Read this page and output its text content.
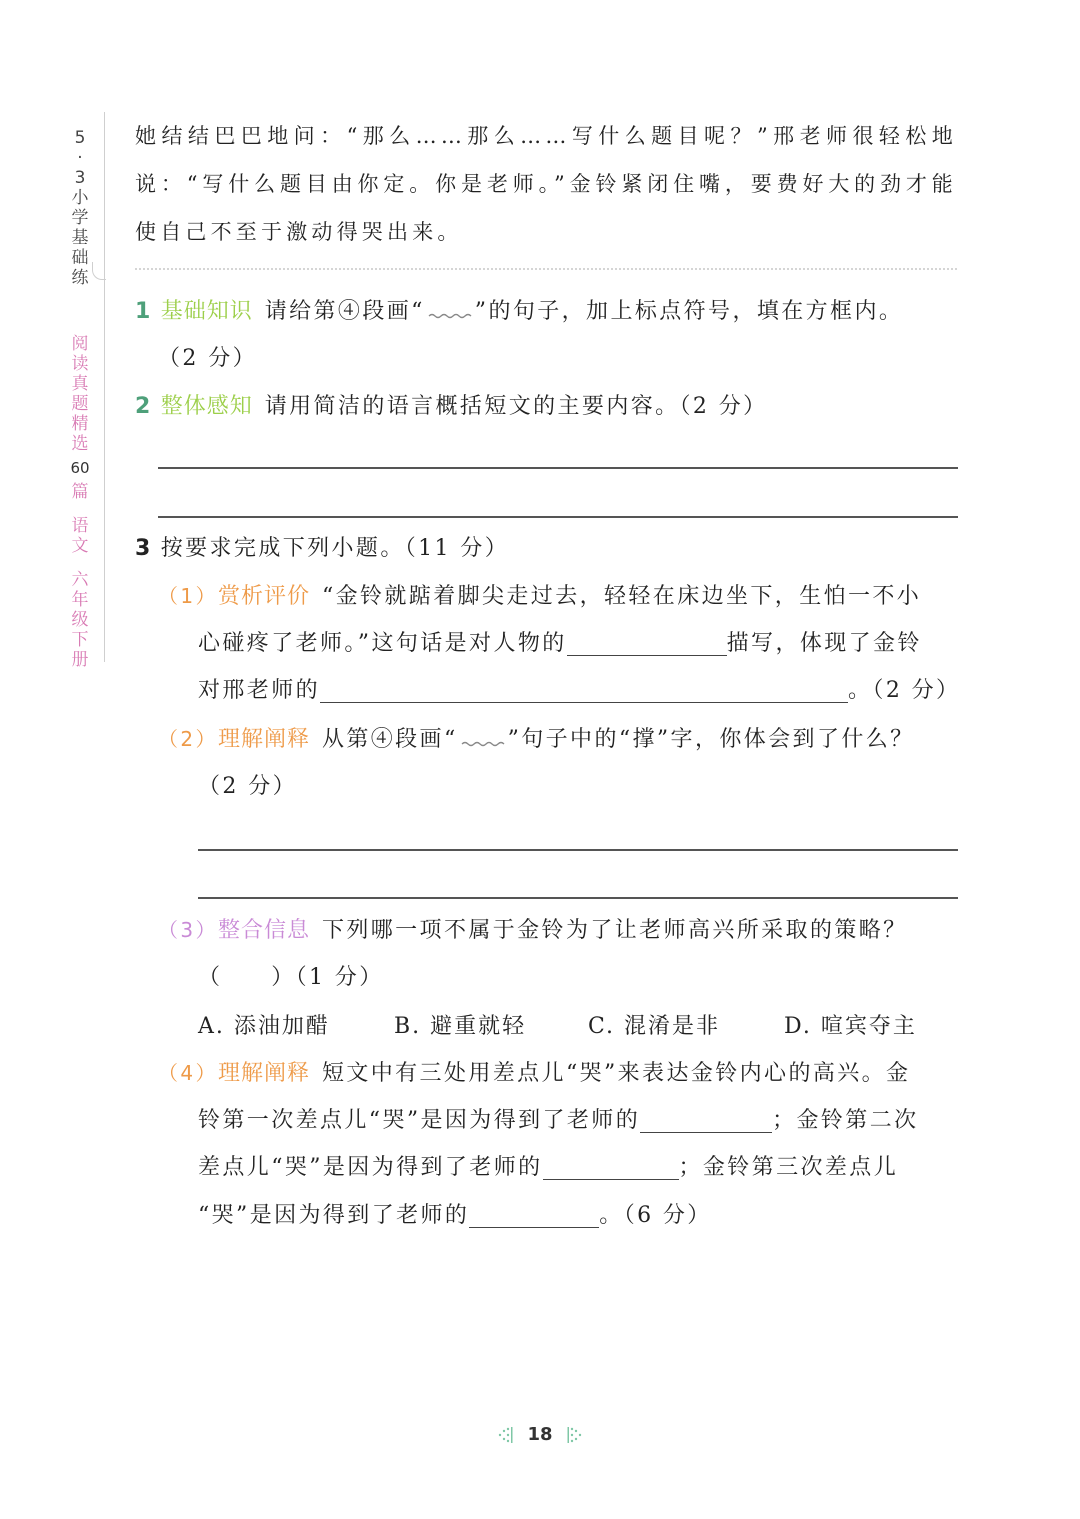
5
·
3
小
学
基
础
练
阅
读
真
题
精
选
60
篇
语
文
六
年
级
下
册

她结结巴巴地问：“那么……那么……写什么题目呢？”邢老师很轻松地说：“写什么题目由你定。你是老师。”金铃紧闭住嘴，要费好大的劲才能使自己不至于激动得哭出来。

1 基础知识 请给第④段画“ ”的句子，加上标点符号，填在方框内。
（2 分）
2 整体感知 请用简洁的语言概括短文的主要内容。（2 分）
3 按要求完成下列小题。（11 分）
（1）赏析评价 “金铃就踮着脚尖走过去，轻轻在床边坐下，生怕一不小
心碰疼了老师。”这句话是对人物的	描写，体现了金铃
对邢老师的	。（2 分）
（2）理解阐释 从第④段画“ ”句子中的“撑”字，你体会到了什么？
（2 分）
（3）整合信息 下列哪一项不属于金铃为了让老师高兴所采取的策略？
（　　）（1 分）
A. 添油加醋	B. 避重就轻	C. 混淆是非	D. 喧宾夺主
（4）理解阐释 短文中有三处用差点儿“哭”来表达金铃内心的高兴。金
铃第一次差点儿“哭”是因为得到了老师的	；金铃第二次
差点儿“哭”是因为得到了老师的	；金铃第三次差点儿
“哭”是因为得到了老师的	。（6 分）
18
